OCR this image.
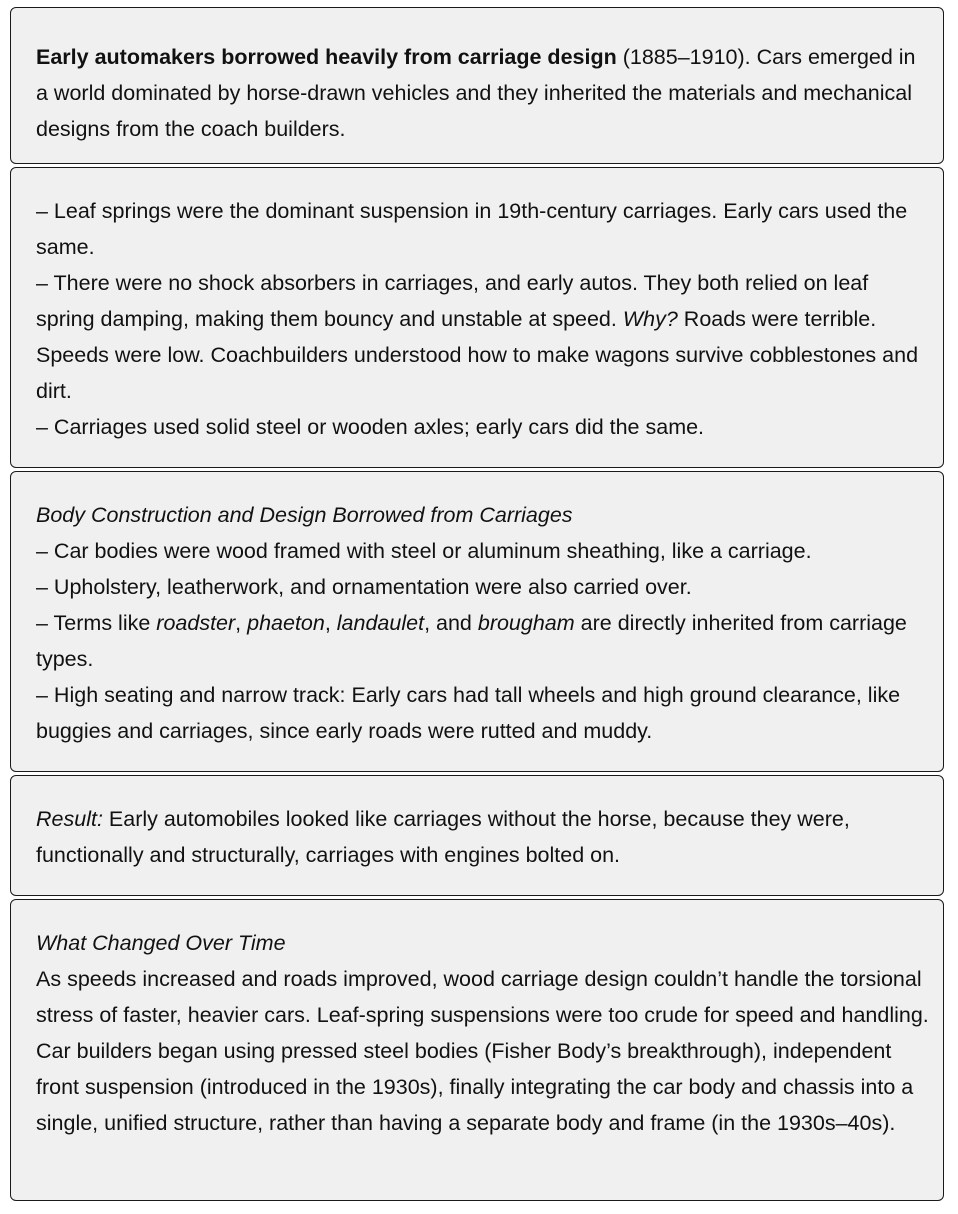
Early automakers borrowed heavily from carriage design (1885–1910). Cars emerged in a world dominated by horse-drawn vehicles and they inherited the materials and mechanical designs from the coach builders.

– Leaf springs were the dominant suspension in 19th-century carriages. Early cars used the same.

– There were no shock absorbers in carriages, and early autos. They both relied on leaf spring damping, making them bouncy and unstable at speed. Why? Roads were terrible. Speeds were low. Coachbuilders understood how to make wagons survive cobblestones and dirt.

– Carriages used solid steel or wooden axles; early cars did the same.

Body Construction and Design Borrowed from Carriages

– Car bodies were wood framed with steel or aluminum sheathing, like a carriage.

– Upholstery, leatherwork, and ornamentation were also carried over.

– Terms like roadster, phaeton, landaulet, and brougham are directly inherited from carriage types.

– High seating and narrow track: Early cars had tall wheels and high ground clearance, like buggies and carriages, since early roads were rutted and muddy.

Result: Early automobiles looked like carriages without the horse, because they were, functionally and structurally, carriages with engines bolted on.

What Changed Over Time

As speeds increased and roads improved, wood carriage design couldn’t handle the torsional stress of faster, heavier cars. Leaf-spring suspensions were too crude for speed and handling. Car builders began using pressed steel bodies (Fisher Body’s breakthrough), independent front suspension (introduced in the 1930s), finally integrating the car body and chassis into a single, unified structure, rather than having a separate body and frame (in the 1930s–40s).
